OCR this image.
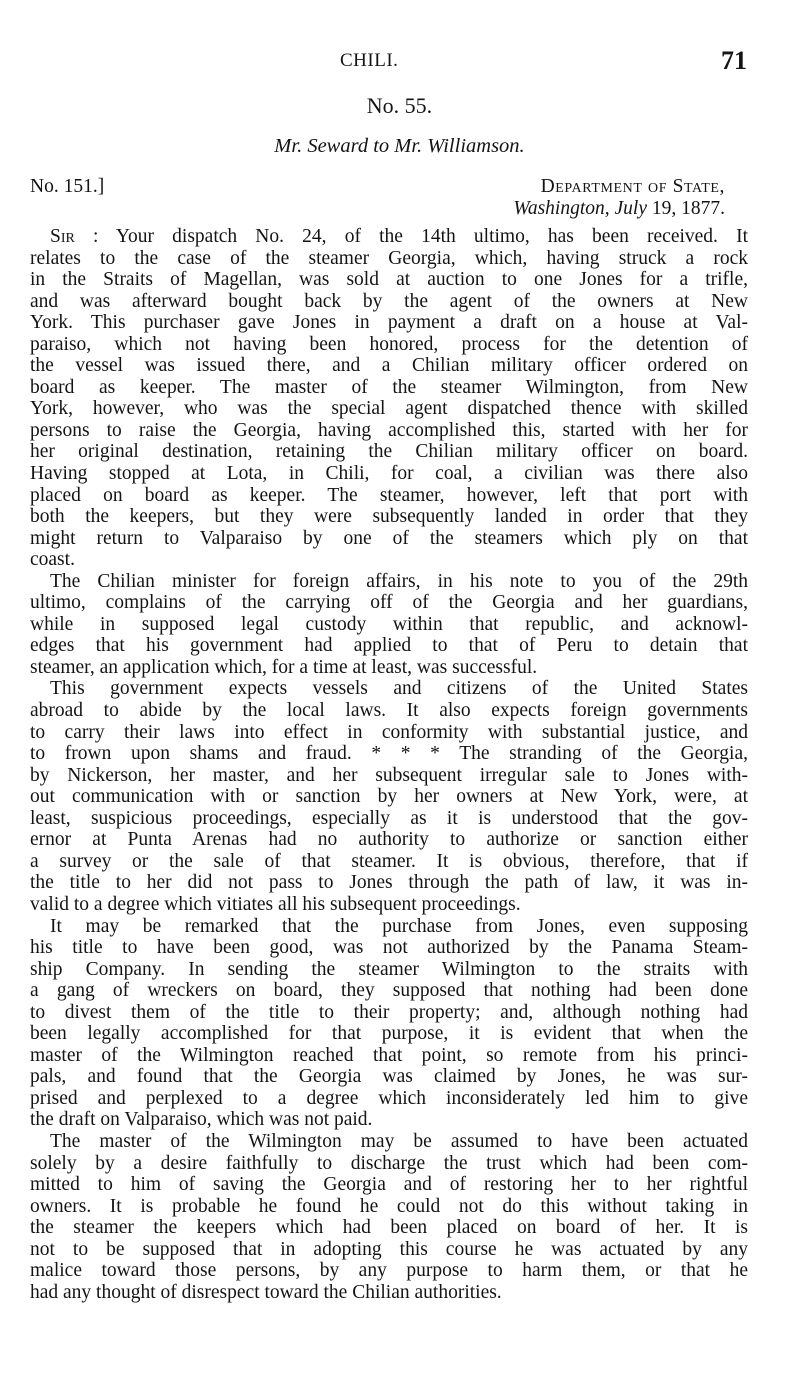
CHILI.	71
No. 55.
Mr. Seward to Mr. Williamson.
No. 151.]	Department of State,
Washington, July 19, 1877.
Sir : Your dispatch No. 24, of the 14th ultimo, has been received. It
relates to the case of the steamer Georgia, which, having struck a rock
in the Straits of Magellan, was sold at auction to one Jones for a trifle,
and was afterward bought back by the agent of the owners at New
York. This purchaser gave Jones in payment a draft on a house at Val-
paraiso, which not having been honored, process for the detention of
the vessel was issued there, and a Chilian military officer ordered on
board as keeper. The master of the steamer Wilmington, from New
York, however, who was the special agent dispatched thence with skilled
persons to raise the Georgia, having accomplished this, started with her for
her original destination, retaining the Chilian military officer on board.
Having stopped at Lota, in Chili, for coal, a civilian was there also
placed on board as keeper. The steamer, however, left that port with
both the keepers, but they were subsequently landed in order that they
might return to Valparaiso by one of the steamers which ply on that
coast.
The Chilian minister for foreign affairs, in his note to you of the 29th
ultimo, complains of the carrying off of the Georgia and her guardians,
while in supposed legal custody within that republic, and acknowl-
edges that his government had applied to that of Peru to detain that
steamer, an application which, for a time at least, was successful.
This government expects vessels and citizens of the United States
abroad to abide by the local laws. It also expects foreign governments
to carry their laws into effect in conformity with substantial justice, and
to frown upon shams and fraud. * * * The stranding of the Georgia,
by Nickerson, her master, and her subsequent irregular sale to Jones with-
out communication with or sanction by her owners at New York, were, at
least, suspicious proceedings, especially as it is understood that the gov-
ernor at Punta Arenas had no authority to authorize or sanction either
a survey or the sale of that steamer. It is obvious, therefore, that if
the title to her did not pass to Jones through the path of law, it was in-
valid to a degree which vitiates all his subsequent proceedings.
It may be remarked that the purchase from Jones, even supposing
his title to have been good, was not authorized by the Panama Steam-
ship Company. In sending the steamer Wilmington to the straits with
a gang of wreckers on board, they supposed that nothing had been done
to divest them of the title to their property; and, although nothing had
been legally accomplished for that purpose, it is evident that when the
master of the Wilmington reached that point, so remote from his princi-
pals, and found that the Georgia was claimed by Jones, he was sur-
prised and perplexed to a degree which inconsiderately led him to give
the draft on Valparaiso, which was not paid.
The master of the Wilmington may be assumed to have been actuated
solely by a desire faithfully to discharge the trust which had been com-
mitted to him of saving the Georgia and of restoring her to her rightful
owners. It is probable he found he could not do this without taking in
the steamer the keepers which had been placed on board of her. It is
not to be supposed that in adopting this course he was actuated by any
malice toward those persons, by any purpose to harm them, or that he
had any thought of disrespect toward the Chilian authorities.
